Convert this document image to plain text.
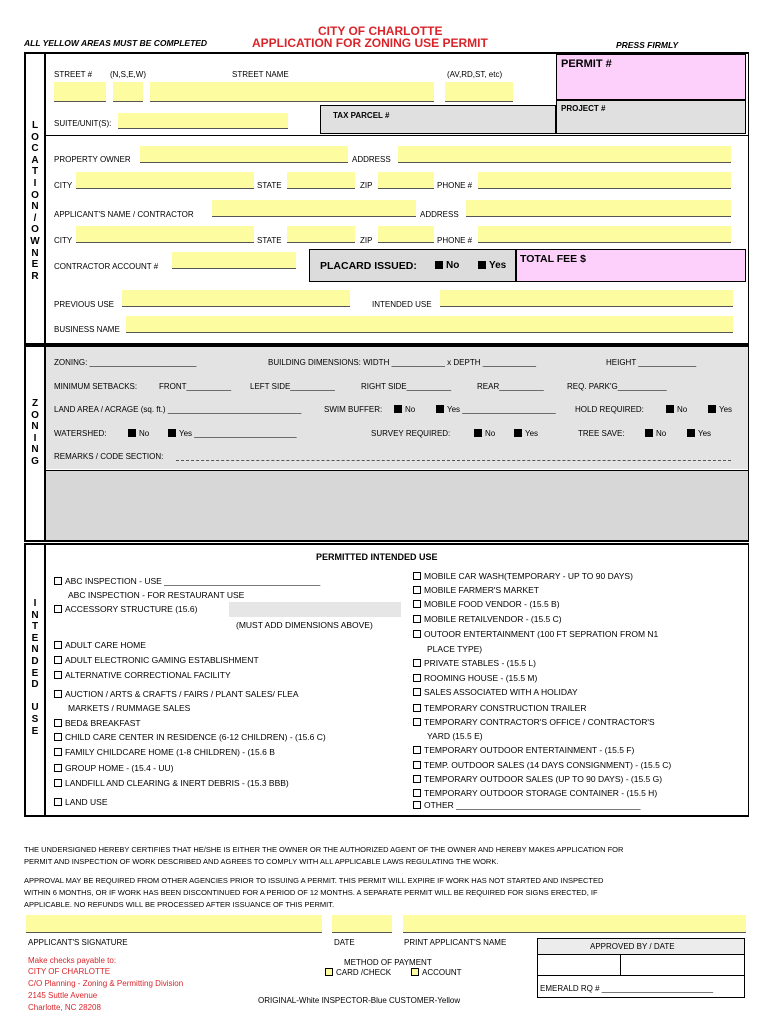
ALL YELLOW AREAS MUST BE COMPLETED
CITY OF CHARLOTTE
APPLICATION FOR ZONING USE PERMIT	PRESS FIRMLY
L
O
C
A
T
I
O
N
/
O
W
N
E
R
STREET # (N,S,E,W)	STREET NAME	(AV,RD,ST, etc)
PERMIT #
PROJECT #
TAX PARCEL #
SUITE/UNIT(S):
PROPERTY OWNER	ADDRESS
CITY	STATE	ZIP	PHONE #
APPLICANT'S NAME / CONTRACTOR	ADDRESS
CITY	STATE	ZIP	PHONE #
CONTRACTOR ACCOUNT #	PLACARD ISSUED:	No	Yes
TOTAL FEE $
PREVIOUS USE	INTENDED USE
BUSINESS NAME
Z
O
N
I
N
G
ZONING: ________________________	BUILDING DIMENSIONS: WIDTH ____________ x DEPTH ____________	HEIGHT _____________
MINIMUM SETBACKS:	FRONT__________ LEFT SIDE__________	RIGHT SIDE__________	REAR__________	REQ. PARK'G___________
LAND AREA / ACRAGE (sq. ft.) ______________________________	SWIM BUFFER:	No	Yes _____________________ HOLD REQUIRED:	No	Yes
WATERSHED:	No	Yes _______________________	SURVEY REQUIRED:	No	Yes	TREE SAVE:	No	Yes
REMARKS / CODE SECTION:
I
N
T
E
N
D
E
D

U
S
E
PERMITTED INTENDED USE
ABC INSPECTION - USE _________________________________
ABC INSPECTION - FOR RESTAURANT USE
ACCESSORY STRUCTURE (15.6)
(MUST ADD DIMENSIONS ABOVE)
ADULT CARE HOME
ADULT ELECTRONIC GAMING ESTABLISHMENT
ALTERNATIVE CORRECTIONAL FACILITY
AUCTION / ARTS & CRAFTS / FAIRS / PLANT SALES/ FLEA
MARKETS / RUMMAGE SALES
BED& BREAKFAST
CHILD CARE CENTER IN RESIDENCE (6-12 CHILDREN) - (15.6 C)
FAMILY CHILDCARE HOME (1-8 CHILDREN) - (15.6 B
GROUP HOME - (15.4 - UU)
LANDFILL AND CLEARING & INERT DEBRIS - (15.3 BBB)
LAND USE
MOBILE CAR WASH(TEMPORARY - UP TO 90 DAYS)
MOBILE FARMER'S MARKET
MOBILE FOOD VENDOR - (15.5 B)
MOBILE RETAILVENDOR - (15.5 C)
OUTOOR ENTERTAINMENT (100 FT SEPRATION FROM N1
PLACE TYPE)
PRIVATE STABLES - (15.5 L)
ROOMING HOUSE - (15.5 M)
SALES ASSOCIATED WITH A HOLIDAY
TEMPORARY CONSTRUCTION TRAILER
TEMPORARY CONTRACTOR'S OFFICE / CONTRACTOR'S
YARD (15.5 E)
TEMPORARY OUTDOOR ENTERTAINMENT - (15.5 F)
TEMP. OUTDOOR SALES (14 DAYS CONSIGNMENT) - (15.5 C)
TEMPORARY OUTDOOR SALES (UP TO 90 DAYS) - (15.5 G)
TEMPORARY OUTDOOR STORAGE CONTAINER - (15.5 H)
OTHER _______________________________________
THE UNDERSIGNED HEREBY CERTIFIES THAT HE/SHE IS EITHER THE OWNER OR THE AUTHORIZED AGENT OF THE OWNER AND HEREBY MAKES APPLICATION FOR
PERMIT AND INSPECTION OF WORK DESCRIBED AND AGREES TO COMPLY WITH ALL APPLICABLE LAWS REGULATING THE WORK.
APPROVAL MAY BE REQUIRED FROM OTHER AGENCIES PRIOR TO ISSUING A PERMIT. THIS PERMIT WILL EXPIRE IF WORK HAS NOT STARTED AND INSPECTED
WITHIN 6 MONTHS, OR IF WORK HAS BEEN DISCONTINUED FOR A PERIOD OF 12 MONTHS. A SEPARATE PERMIT WILL BE REQUIRED FOR SIGNS ERECTED, IF
APPLICABLE. NO REFUNDS WILL BE PROCESSED AFTER ISSUANCE OF THIS PERMIT.
APPLICANT'S SIGNATURE	DATE	PRINT APPLICANT'S NAME
Make checks payable to:
CITY OF CHARLOTTE
C/O Planning - Zoning & Permitting Division
2145 Suttle Avenue
Charlotte, NC 28208
METHOD OF PAYMENT
CARD /CHECK	ACCOUNT
ORIGINAL-White INSPECTOR-Blue CUSTOMER-Yellow
APPROVED BY / DATE
EMERALD RQ # _________________________
